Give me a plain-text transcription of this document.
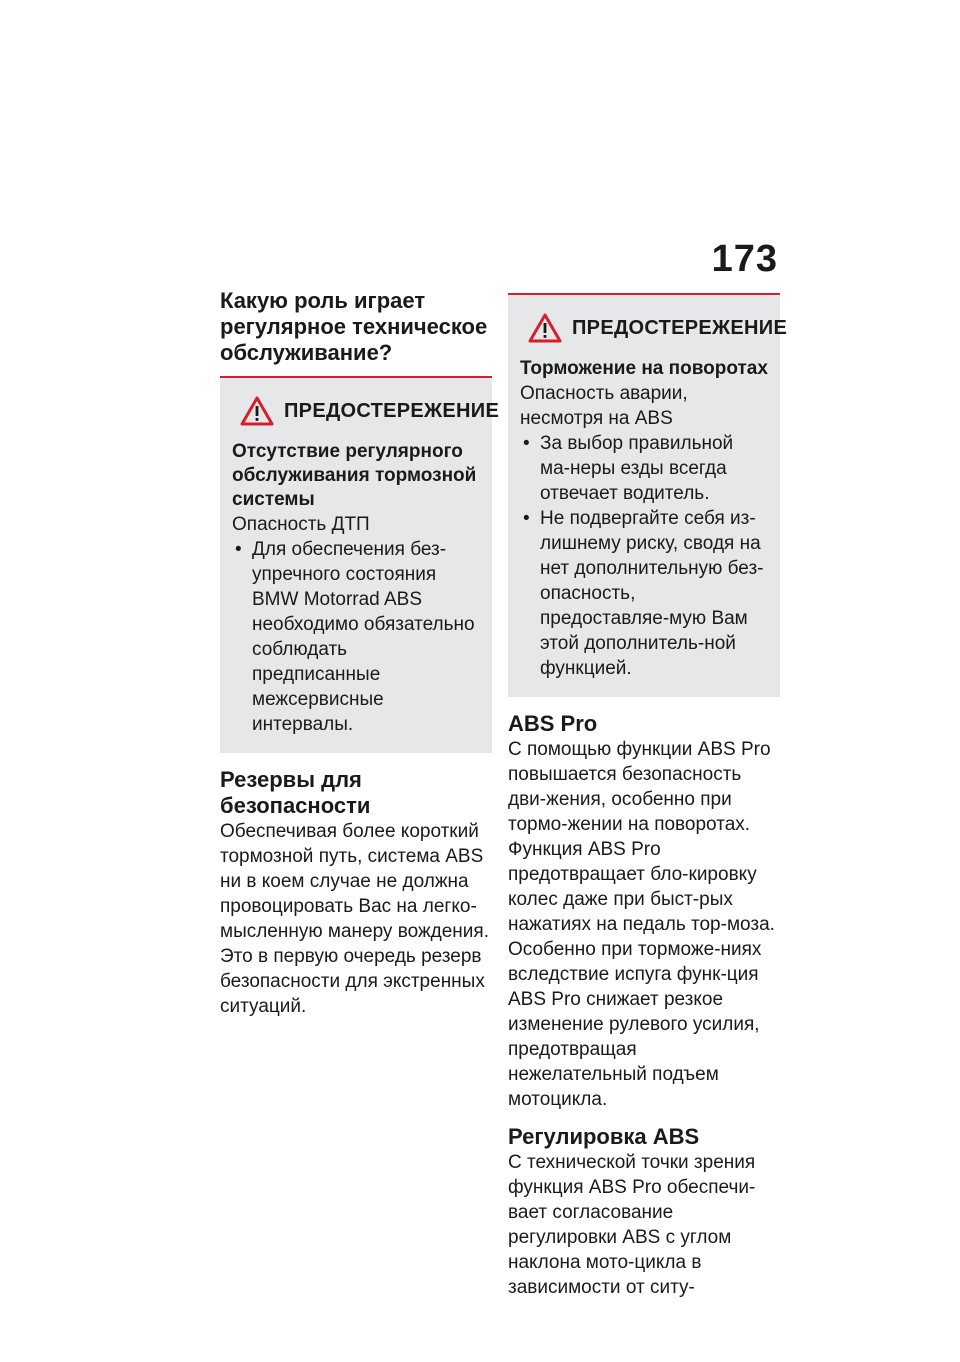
173
Какую роль играет регулярное техническое обслуживание?
ПРЕДОСТЕРЕЖЕНИЕ
Отсутствие регулярного обслуживания тормозной системы

Опасность ДТП

• Для обеспечения без-упречного состояния BMW Motorrad ABS необходимо обязательно соблюдать предписанные межсервисные интервалы.
Резервы для безопасности

Обеспечивая более короткий тормозной путь, система ABS ни в коем случае не должна провоцировать Вас на легко-мысленную манеру вождения. Это в первую очередь резерв безопасности для экстренных ситуаций.

ПРЕДОСТЕРЕЖЕНИЕ
Торможение на поворотах

Опасность аварии, несмотря на ABS

• За выбор правильной ма-неры езды всегда отвечает водитель.
• Не подвергайте себя из-лишнему риску, сводя на нет дополнительную без-опасность, предоставляе-мую Вам этой дополнитель-ной функцией.
ABS Pro

С помощью функции ABS Pro повышается безопасность дви-жения, особенно при тормо-жении на поворотах. Функция ABS Pro предотвращает бло-кировку колес даже при быст-рых нажатиях на педаль тор-моза. Особенно при торможе-ниях вследствие испуга функ-ция ABS Pro снижает резкое изменение рулевого усилия, предотвращая нежелательный подъем мотоцикла.

Регулировка ABS

С технической точки зрения функция ABS Pro обеспечи-вает согласование регулировки ABS с углом наклона мото-цикла в зависимости от ситу-
